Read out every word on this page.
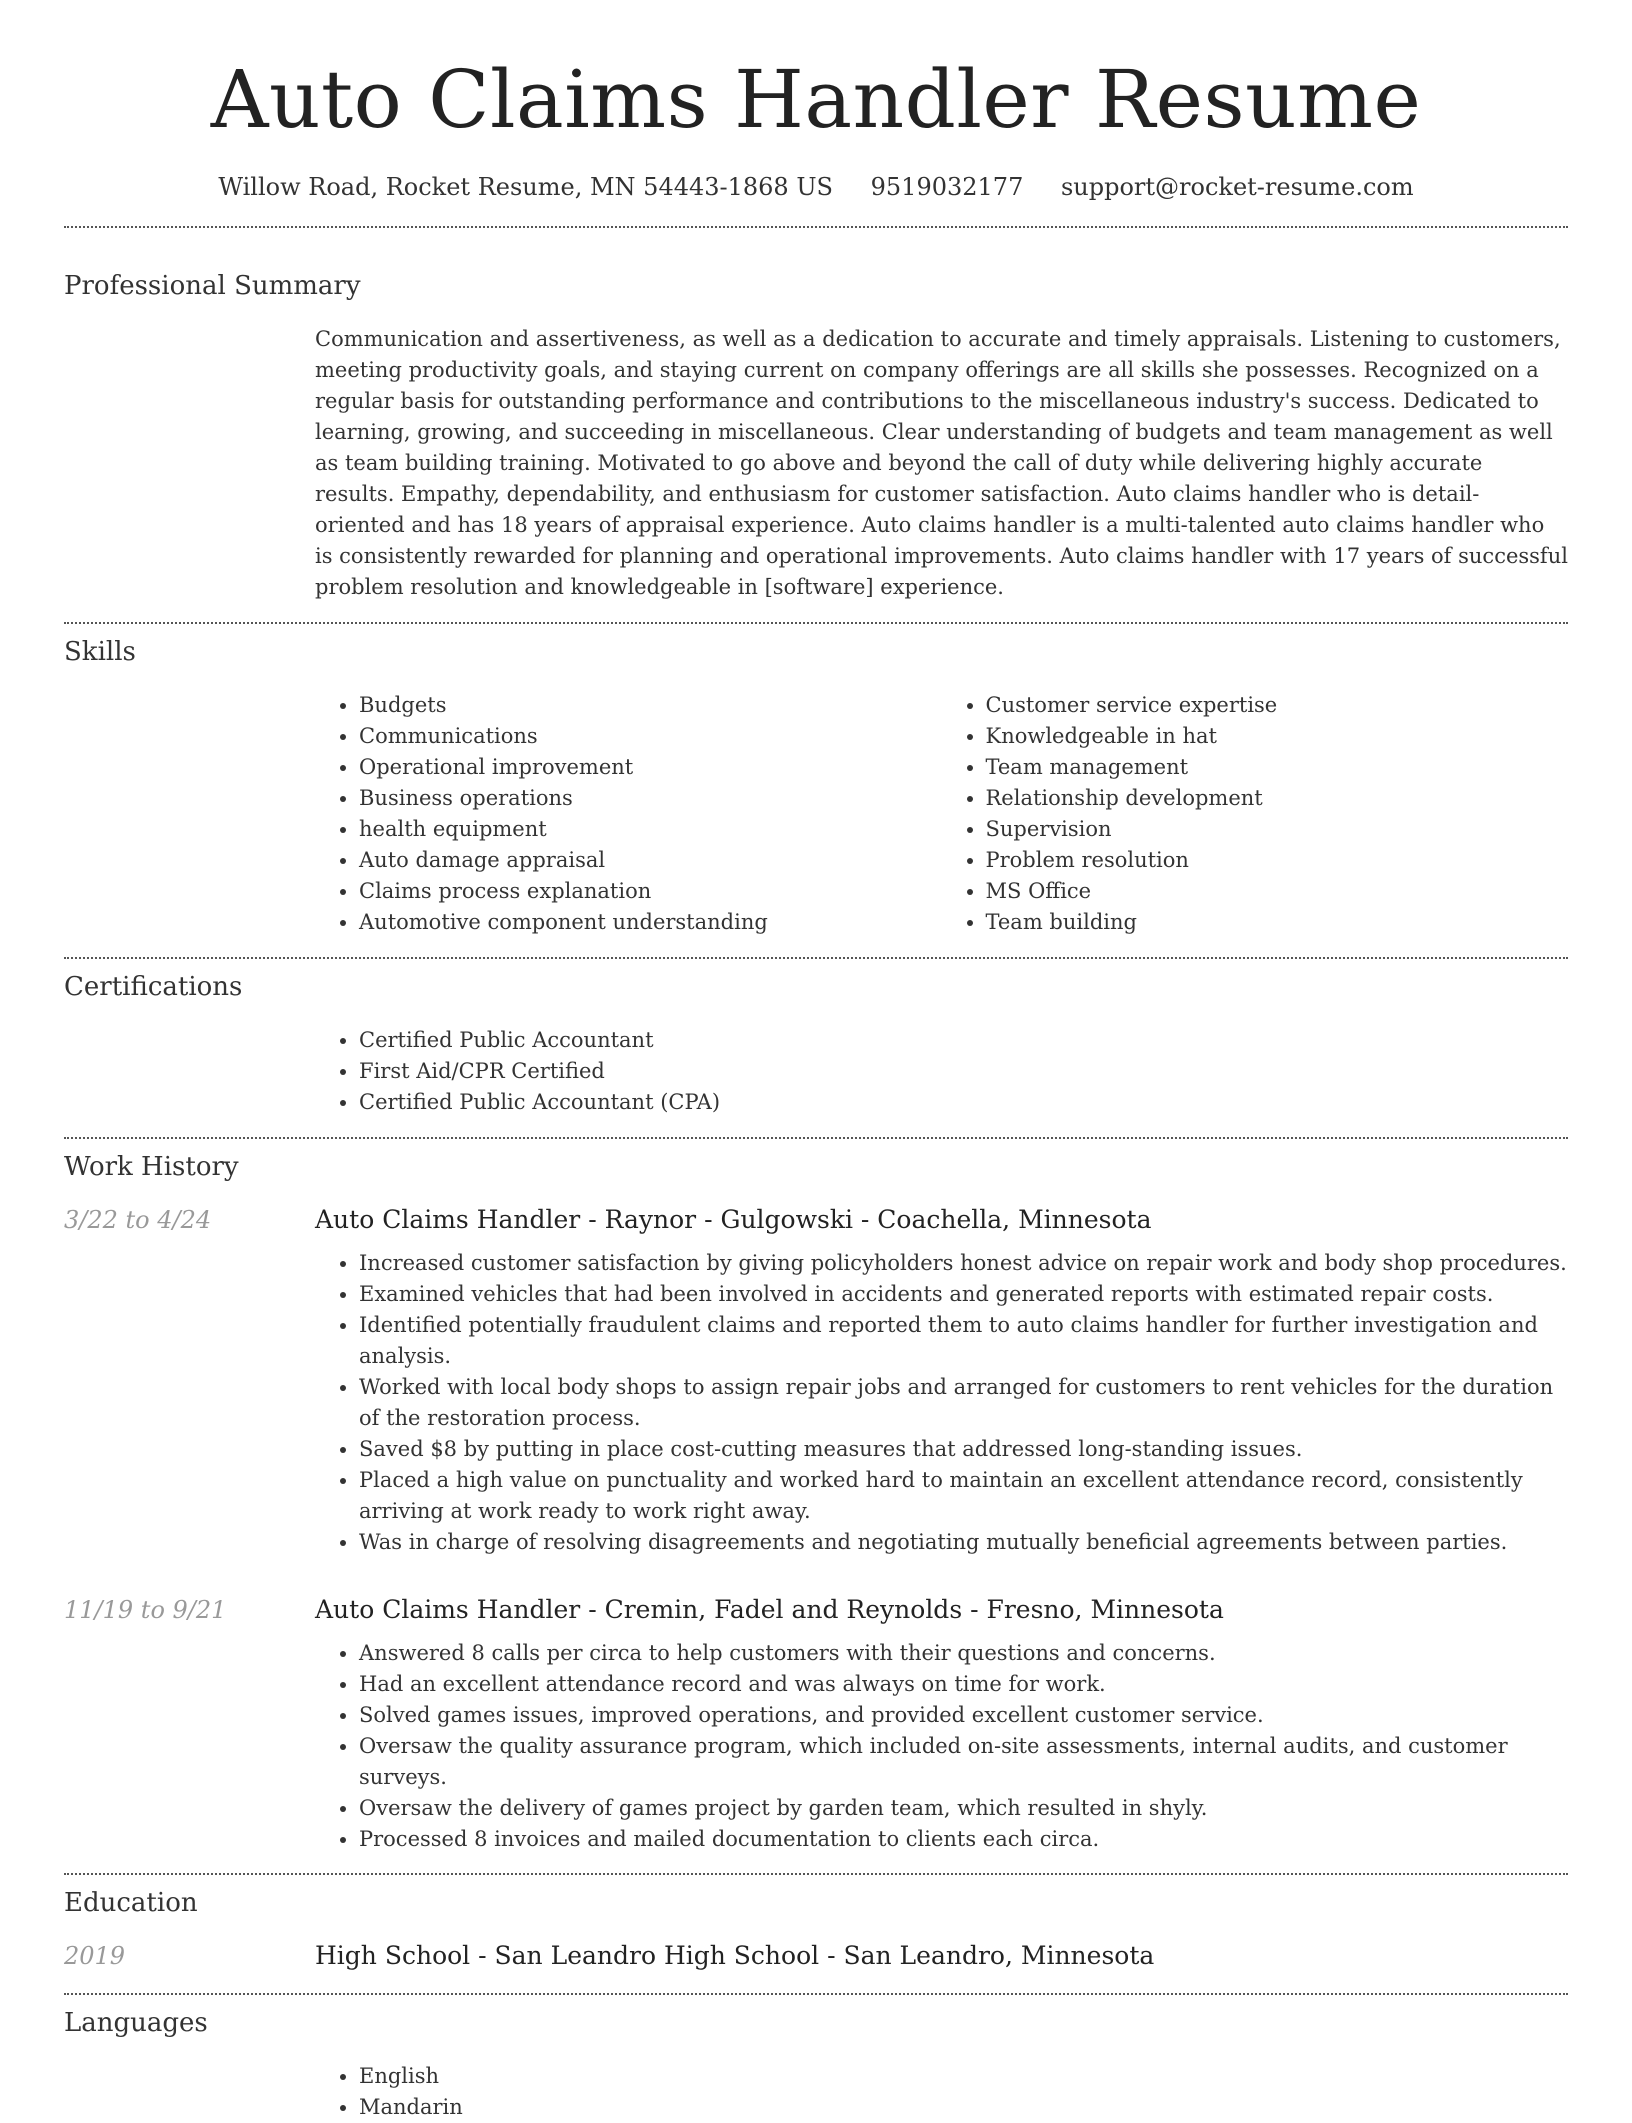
Auto Claims Handler Resume
Willow Road, Rocket Resume, MN 54443-1868 US 9519032177 support@rocket-resume.com
Professional Summary

Communication and assertiveness, as well as a dedication to accurate and timely appraisals. Listening to customers, meeting productivity goals, and staying current on company offerings are all skills she possesses. Recognized on a regular basis for outstanding performance and contributions to the miscellaneous industry's success. Dedicated to learning, growing, and succeeding in miscellaneous. Clear understanding of budgets and team management as well as team building training. Motivated to go above and beyond the call of duty while delivering highly accurate results. Empathy, dependability, and enthusiasm for customer satisfaction. Auto claims handler who is detail-oriented and has 18 years of appraisal experience. Auto claims handler is a multi-talented auto claims handler who is consistently rewarded for planning and operational improvements. Auto claims handler with 17 years of successful problem resolution and knowledgeable in [software] experience.

Skills
• Budgets
• Communications
• Operational improvement
• Business operations
• health equipment
• Auto damage appraisal
• Claims process explanation
• Automotive component understanding
• Customer service expertise
• Knowledgeable in hat
• Team management
• Relationship development
• Supervision
• Problem resolution
• MS Office
• Team building
Certifications
• Certified Public Accountant
• First Aid/CPR Certified
• Certified Public Accountant (CPA)
Work History
3/22 to 4/24	Auto Claims Handler - Raynor - Gulgowski - Coachella, Minnesota
• Increased customer satisfaction by giving policyholders honest advice on repair work and body shop procedures.
• Examined vehicles that had been involved in accidents and generated reports with estimated repair costs.
• Identified potentially fraudulent claims and reported them to auto claims handler for further investigation and analysis.
• Worked with local body shops to assign repair jobs and arranged for customers to rent vehicles for the duration of the restoration process.
• Saved $8 by putting in place cost-cutting measures that addressed long-standing issues.
• Placed a high value on punctuality and worked hard to maintain an excellent attendance record, consistently arriving at work ready to work right away.
• Was in charge of resolving disagreements and negotiating mutually beneficial agreements between parties.
11/19 to 9/21	Auto Claims Handler - Cremin, Fadel and Reynolds - Fresno, Minnesota
• Answered 8 calls per circa to help customers with their questions and concerns.
• Had an excellent attendance record and was always on time for work.
• Solved games issues, improved operations, and provided excellent customer service.
• Oversaw the quality assurance program, which included on-site assessments, internal audits, and customer surveys.
• Oversaw the delivery of games project by garden team, which resulted in shyly.
• Processed 8 invoices and mailed documentation to clients each circa.
Education
2019	High School - San Leandro High School - San Leandro, Minnesota
Languages
• English
• Mandarin
